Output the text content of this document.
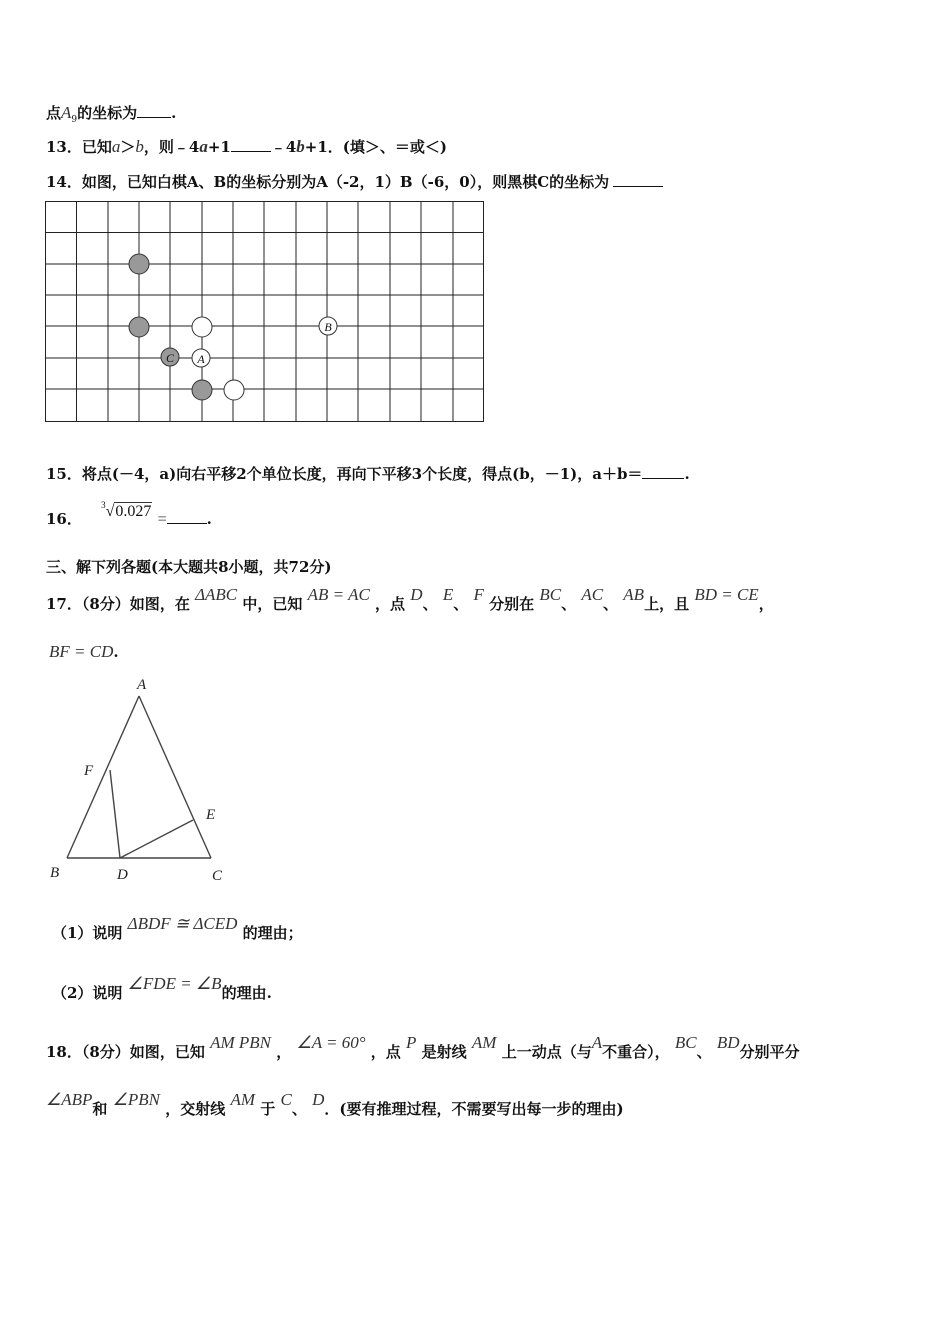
点$A_9$的坐标为 .
13．已知a＞b，则﹣4a+1	﹣4b+1．(填＞、＝或＜)
14．如图，已知白棋A、B的坐标分别为A（-2，1）B（-6，0），则黑棋C的坐标为
B
C A
15．将点(－4，a)向右平移2个单位长度，再向下平移3个长度，得点(b，－1)，a＋b＝	.
16． $^3$√0.027 =	.
三、解下列各题(本大题共8小题，共72分)
17．（8分）如图，在 ΔABC 中，已知 AB = AC ，点 D、 E、 F 分别在 BC、 AC、 AB上，且 BD = CE，
BF = CD.
A
F
E
B	D	C
（1）说明 ΔBDF ≅ ΔCED 的理由；
（2）说明 ∠FDE = ∠B的理由.
18．（8分）如图，已知 AM PBN ， ∠A = 60° ，点 P 是射线 AM 上一动点（与A不重合）， BC、 BD分别平分
∠ABP和 ∠PBN ，交射线 AM 于 C、 D．(要有推理过程，不需要写出每一步的理由)
